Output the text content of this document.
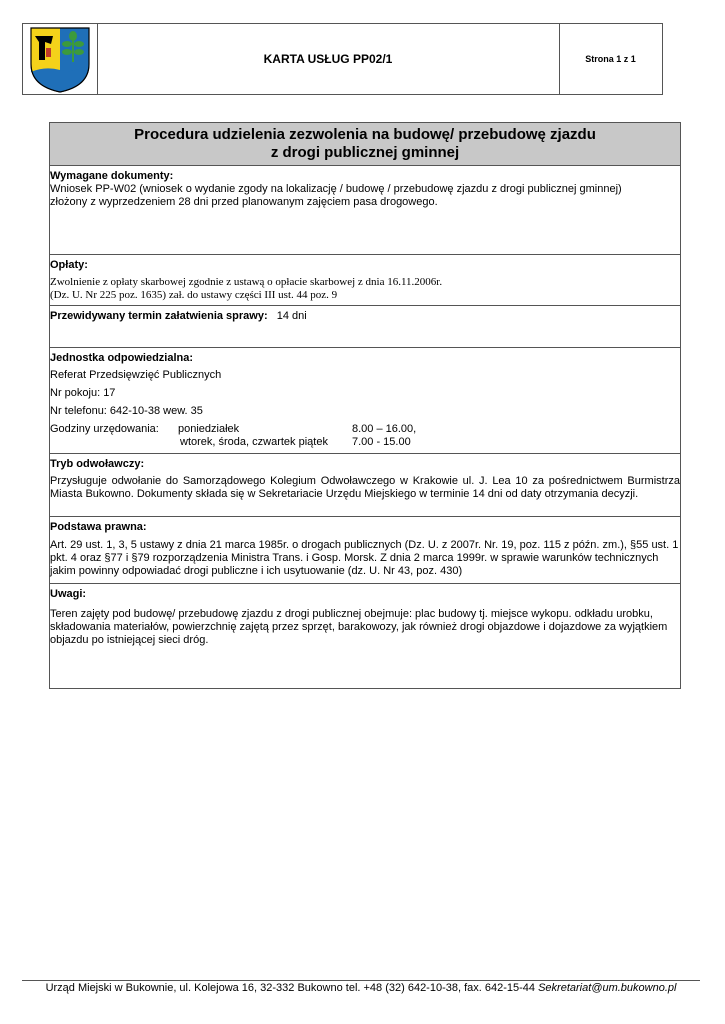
KARTA USŁUG PP02/1	Strona 1 z 1
Procedura udzielenia zezwolenia na budowę/ przebudowę zjazdu
z drogi publicznej gminnej
Wymagane dokumenty:
Wniosek PP-W02 (wniosek o wydanie zgody na lokalizację / budowę / przebudowę zjazdu z drogi publicznej gminnej)
złożony z wyprzedzeniem 28 dni przed planowanym zajęciem pasa drogowego.
Opłaty:
Zwolnienie z opłaty skarbowej zgodnie z ustawą o opłacie skarbowej z dnia 16.11.2006r.
(Dz. U. Nr 225 poz. 1635) zał. do ustawy części III ust. 44 poz. 9
Przewidywany termin załatwienia sprawy: 14 dni
Jednostka odpowiedzialna:
Referat Przedsięwzięć Publicznych
Nr pokoju: 17
Nr telefonu: 642-10-38 wew. 35
Godziny urzędowania: poniedziałek	8.00 – 16.00,
wtorek, środa, czwartek piątek 7.00 - 15.00
Tryb odwoławczy:
Przysługuje odwołanie do Samorządowego Kolegium Odwoławczego w Krakowie ul. J. Lea 10 za pośrednictwem Burmistrza Miasta Bukowno. Dokumenty składa się w Sekretariacie Urzędu Miejskiego w terminie 14 dni od daty otrzymania decyzji.
Podstawa prawna:
Art. 29 ust. 1, 3, 5 ustawy z dnia 21 marca 1985r. o drogach publicznych (Dz. U. z 2007r. Nr. 19, poz. 115 z późn. zm.), §55 ust. 1 pkt. 4 oraz §77 i §79 rozporządzenia Ministra Trans. i Gosp. Morsk. Z dnia 2 marca 1999r. w sprawie warunków technicznych jakim powinny odpowiadać drogi publiczne i ich usytuowanie (dz. U. Nr 43, poz. 430)
Uwagi:
Teren zajęty pod budowę/ przebudowę zjazdu z drogi publicznej obejmuje: plac budowy tj. miejsce wykopu. odkładu urobku, składowania materiałów, powierzchnię zajętą przez sprzęt, barakowozy, jak również drogi objazdowe i dojazdowe za wyjątkiem objazdu po istniejącej sieci dróg.
Urząd Miejski w Bukownie, ul. Kolejowa 16, 32-332 Bukowno tel. +48 (32) 642-10-38, fax. 642-15-44 Sekretariat@um.bukowno.pl
